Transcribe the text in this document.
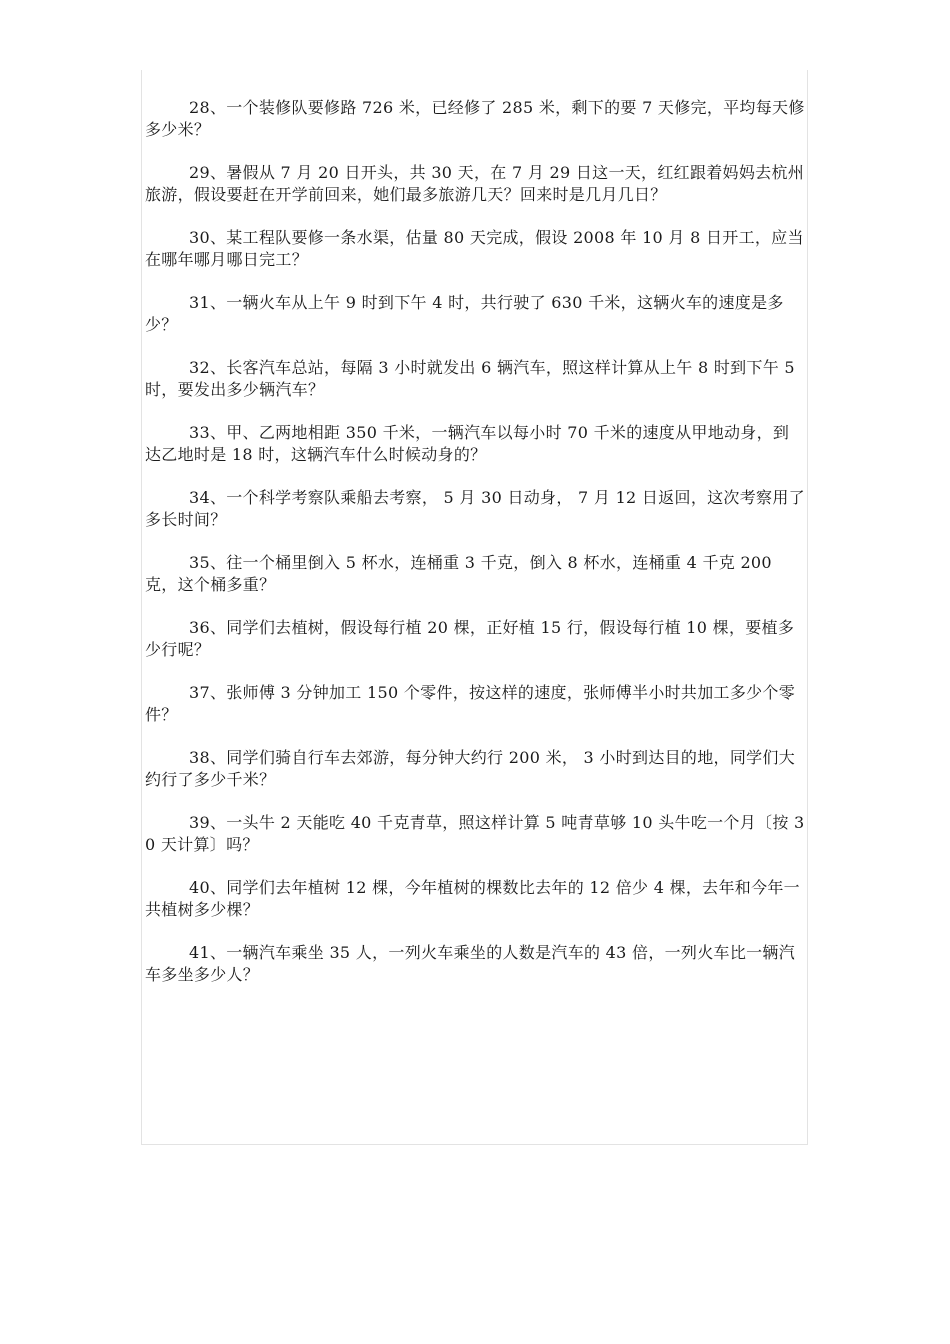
28、一个装修队要修路 726 米，已经修了 285 米，剩下的要 7 天修完，平均每天修多少米？

29、暑假从 7 月 20 日开头，共 30 天，在 7 月 29 日这一天，红红跟着妈妈去杭州旅游，假设要赶在开学前回来，她们最多旅游几天？回来时是几月几日？

30、某工程队要修一条水渠，估量 80 天完成，假设 2008 年 10 月 8 日开工，应当在哪年哪月哪日完工？

31、一辆火车从上午 9 时到下午 4 时，共行驶了 630 千米，这辆火车的速度是多少？

32、长客汽车总站，每隔 3 小时就发出 6 辆汽车，照这样计算从上午 8 时到下午 5 时，要发出多少辆汽车？

33、甲、乙两地相距 350 千米，一辆汽车以每小时 70 千米的速度从甲地动身，到达乙地时是 18 时，这辆汽车什么时候动身的？

34、一个科学考察队乘船去考察， 5 月 30 日动身， 7 月 12 日返回，这次考察用了多长时间？

35、往一个桶里倒入 5 杯水，连桶重 3 千克，倒入 8 杯水，连桶重 4 千克 200 克，这个桶多重？

36、同学们去植树，假设每行植 20 棵，正好植 15 行，假设每行植 10 棵，要植多少行呢？

37、张师傅 3 分钟加工 150 个零件，按这样的速度，张师傅半小时共加工多少个零件？

38、同学们骑自行车去郊游，每分钟大约行 200 米， 3 小时到达目的地，同学们大约行了多少千米？

39、一头牛 2 天能吃 40 千克青草，照这样计算 5 吨青草够 10 头牛吃一个月〔按 30 天计算〕吗？

40、同学们去年植树 12 棵，今年植树的棵数比去年的 12 倍少 4 棵，去年和今年一共植树多少棵？

41、一辆汽车乘坐 35 人，一列火车乘坐的人数是汽车的 43 倍，一列火车比一辆汽车多坐多少人？
